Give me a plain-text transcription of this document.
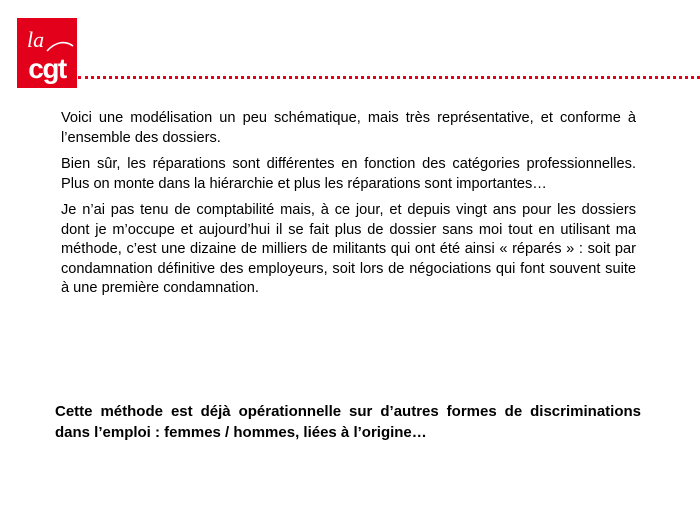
la
cgt

Voici une modélisation un peu schématique, mais très représentative, et conforme à l’ensemble des dossiers.

Bien sûr, les réparations sont différentes en fonction des catégories professionnelles. Plus on monte dans la hiérarchie et plus les réparations sont importantes…

Je n’ai pas tenu de comptabilité mais, à ce jour, et depuis vingt ans pour les dossiers dont je m’occupe et aujourd’hui il se fait plus de dossier sans moi tout en utilisant ma méthode, c’est une dizaine de milliers de militants qui ont été ainsi « réparés » : soit par condamnation définitive des employeurs, soit lors de négociations qui font souvent suite à une première condamnation.

Cette méthode est déjà opérationnelle sur d’autres formes de discriminations dans l’emploi : femmes / hommes, liées à l’origine…
